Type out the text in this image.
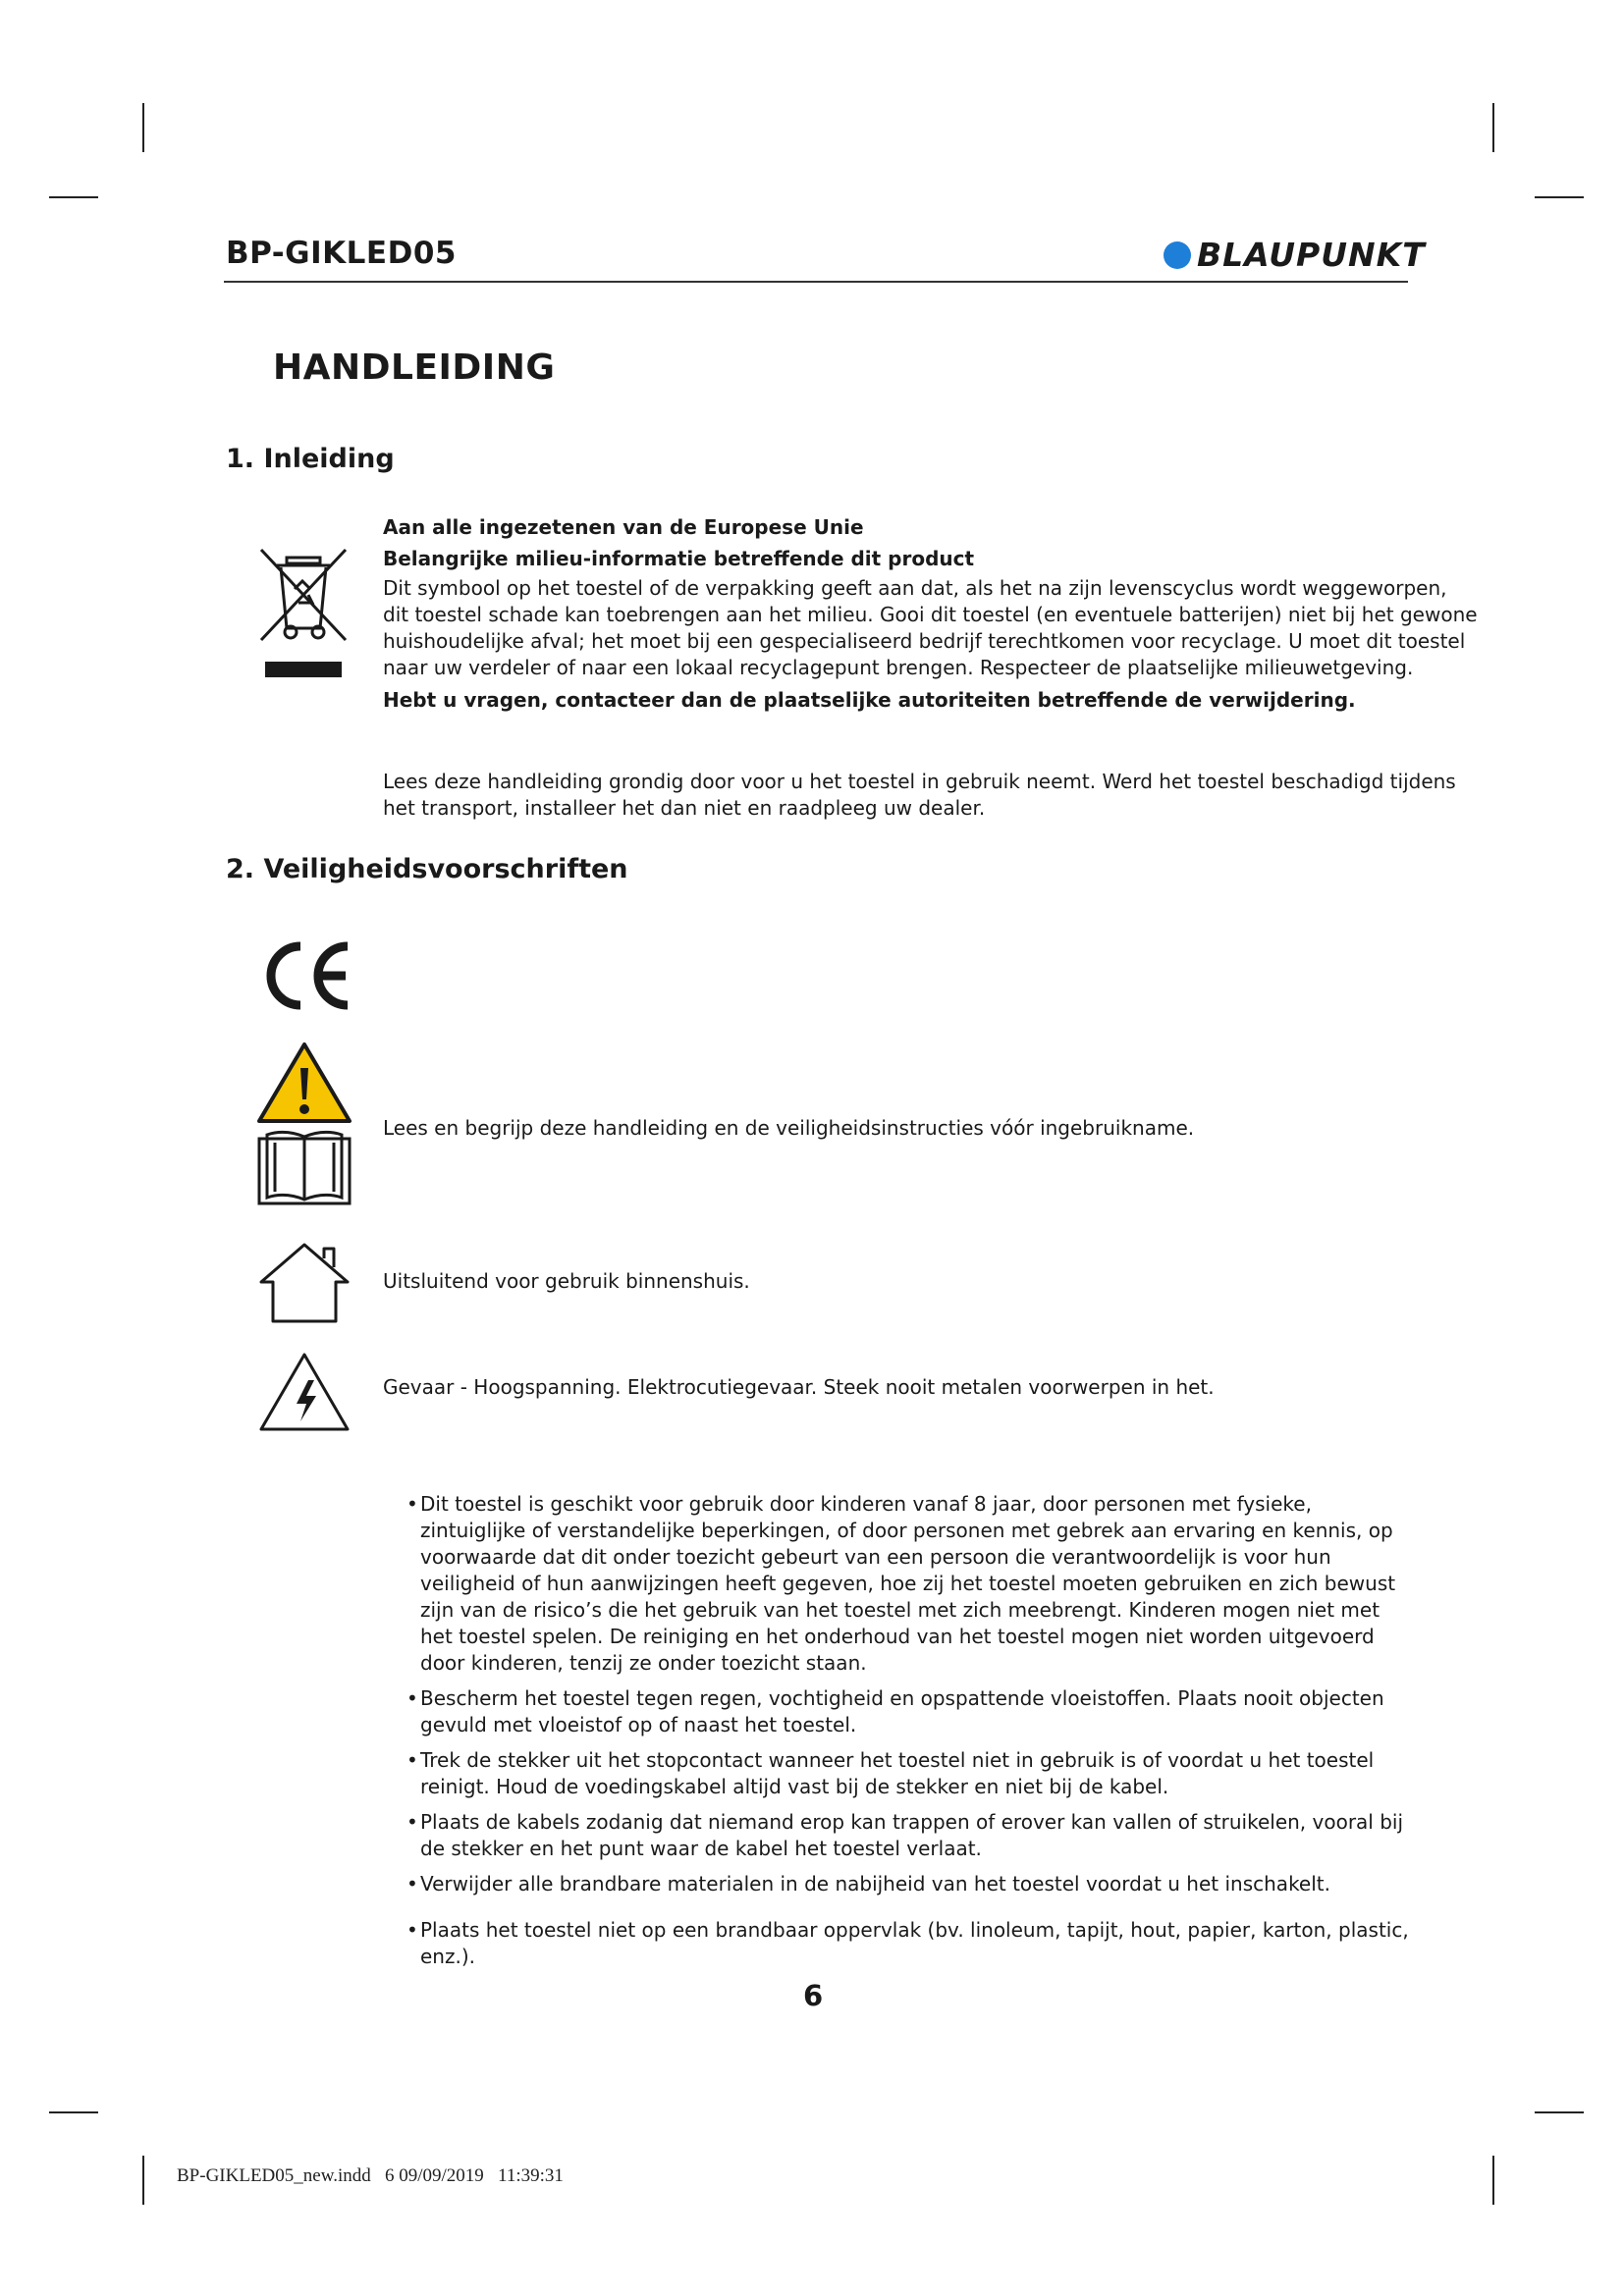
BP-GIKLED05	BLAUPUNKT
HANDLEIDING
1. Inleiding
Aan alle ingezetenen van de Europese Unie
Belangrijke milieu-informatie betreffende dit product
Dit symbool op het toestel of de verpakking geeft aan dat, als het na zijn levenscyclus wordt weggeworpen,
dit toestel schade kan toebrengen aan het milieu. Gooi dit toestel (en eventuele batterijen) niet bij het gewone
huishoudelijke afval; het moet bij een gespecialiseerd bedrijf terechtkomen voor recyclage. U moet dit toestel
naar uw verdeler of naar een lokaal recyclagepunt brengen. Respecteer de plaatselijke milieuwetgeving.
Hebt u vragen, contacteer dan de plaatselijke autoriteiten betreffende de verwijdering.
Lees deze handleiding grondig door voor u het toestel in gebruik neemt. Werd het toestel beschadigd tijdens
het transport, installeer het dan niet en raadpleeg uw dealer.
2. Veiligheidsvoorschriften
Lees en begrijp deze handleiding en de veiligheidsinstructies vóór ingebruikname.
Uitsluitend voor gebruik binnenshuis.
Gevaar - Hoogspanning. Elektrocutiegevaar. Steek nooit metalen voorwerpen in het.
• Dit toestel is geschikt voor gebruik door kinderen vanaf 8 jaar, door personen met fysieke, zintuiglijke of verstandelijke beperkingen, of door personen met gebrek aan ervaring en kennis, op voorwaarde dat dit onder toezicht gebeurt van een persoon die verantwoordelijk is voor hun veiligheid of hun aanwijzingen heeft gegeven, hoe zij het toestel moeten gebruiken en zich bewust zijn van de risico’s die het gebruik van het toestel met zich meebrengt. Kinderen mogen niet met het toestel spelen. De reiniging en het onderhoud van het toestel mogen niet worden uitgevoerd door kinderen, tenzij ze onder toezicht staan.
• Bescherm het toestel tegen regen, vochtigheid en opspattende vloeistoffen. Plaats nooit objecten gevuld met vloeistof op of naast het toestel.
• Trek de stekker uit het stopcontact wanneer het toestel niet in gebruik is of voordat u het toestel reinigt. Houd de voedingskabel altijd vast bij de stekker en niet bij de kabel.
• Plaats de kabels zodanig dat niemand erop kan trappen of erover kan vallen of struikelen, vooral bij de stekker en het punt waar de kabel het toestel verlaat.
• Verwijder alle brandbare materialen in de nabijheid van het toestel voordat u het inschakelt.
• Plaats het toestel niet op een brandbaar oppervlak (bv. linoleum, tapijt, hout, papier, karton, plastic, enz.).
6
BP-GIKLED05_new.indd   6 09/09/2019   11:39:31
